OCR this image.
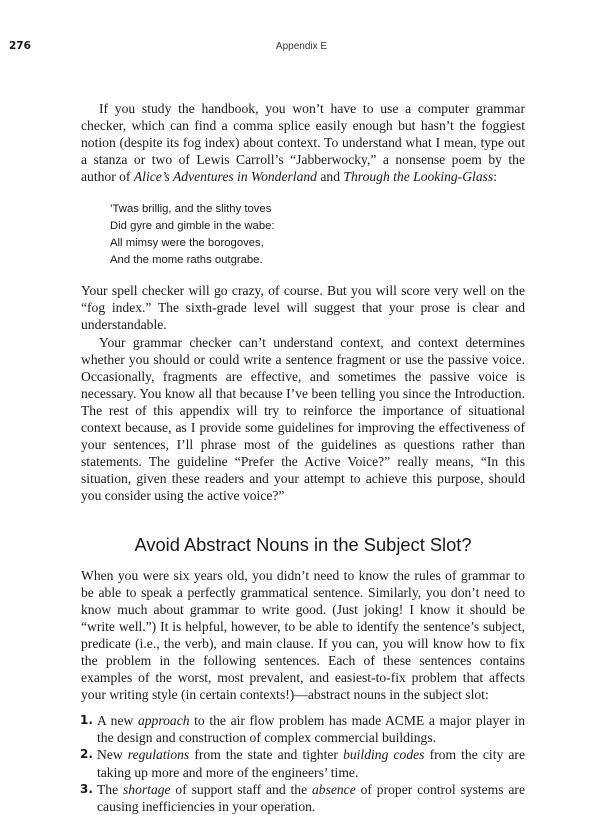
276	Appendix E

If you study the handbook, you won’t have to use a computer grammar checker, which can find a comma splice easily enough but hasn’t the foggiest notion (despite its fog index) about context. To understand what I mean, type out a stanza or two of Lewis Carroll’s “Jabberwocky,” a nonsense poem by the author of Alice’s Adventures in Wonderland and Through the Looking-Glass:

’Twas brillig, and the slithy toves
Did gyre and gimble in the wabe:
All mimsy were the borogoves,
And the mome raths outgrabe.

Your spell checker will go crazy, of course. But you will score very well on the “fog index.” The sixth-grade level will suggest that your prose is clear and understandable.

Your grammar checker can’t understand context, and context determines whether you should or could write a sentence fragment or use the passive voice. Occasionally, fragments are effective, and sometimes the passive voice is necessary. You know all that because I’ve been telling you since the Introduction. The rest of this appendix will try to reinforce the importance of situational context because, as I provide some guidelines for improving the effectiveness of your sentences, I’ll phrase most of the guidelines as questions rather than statements. The guideline “Prefer the Active Voice?” really means, “In this situation, given these readers and your attempt to achieve this purpose, should you consider using the active voice?”

Avoid Abstract Nouns in the Subject Slot?

When you were six years old, you didn’t need to know the rules of grammar to be able to speak a perfectly grammatical sentence. Similarly, you don’t need to know much about grammar to write good. (Just joking! I know it should be “write well.”) It is helpful, however, to be able to identify the sentence’s subject, predicate (i.e., the verb), and main clause. If you can, you will know how to fix the problem in the following sentences. Each of these sentences contains examples of the worst, most prevalent, and easiest-to-fix problem that affects your writing style (in certain contexts!)—abstract nouns in the subject slot:

1. A new approach to the air flow problem has made ACME a major player in the design and construction of complex commercial buildings.
2. New regulations from the state and tighter building codes from the city are taking up more and more of the engineers’ time.
3. The shortage of support staff and the absence of proper control systems are causing inefficiencies in your operation.
